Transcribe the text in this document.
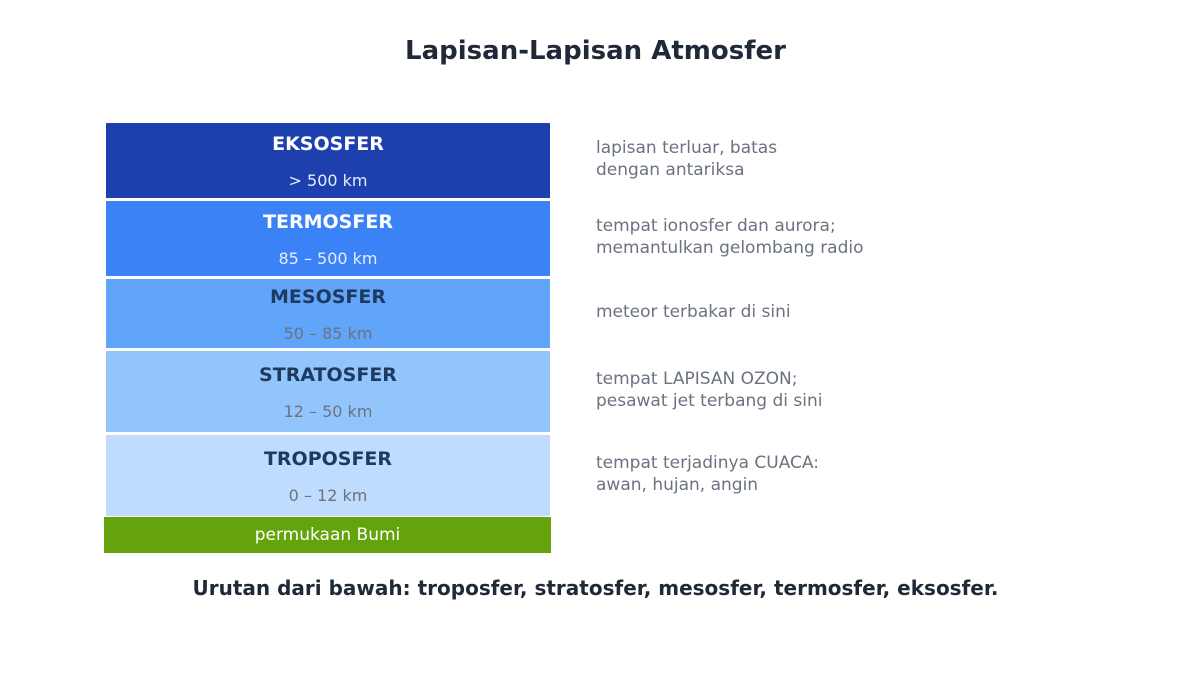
Lapisan-Lapisan Atmosfer
EKSOSFER
> 500 km
lapisan terluar, batas
dengan antariksa
TERMOSFER
85 – 500 km
tempat ionosfer dan aurora;
memantulkan gelombang radio
MESOSFER
50 – 85 km
meteor terbakar di sini
STRATOSFER
12 – 50 km
tempat LAPISAN OZON;
pesawat jet terbang di sini
TROPOSFER
0 – 12 km
tempat terjadinya CUACA:
awan, hujan, angin
permukaan Bumi
Urutan dari bawah: troposfer, stratosfer, mesosfer, termosfer, eksosfer.
